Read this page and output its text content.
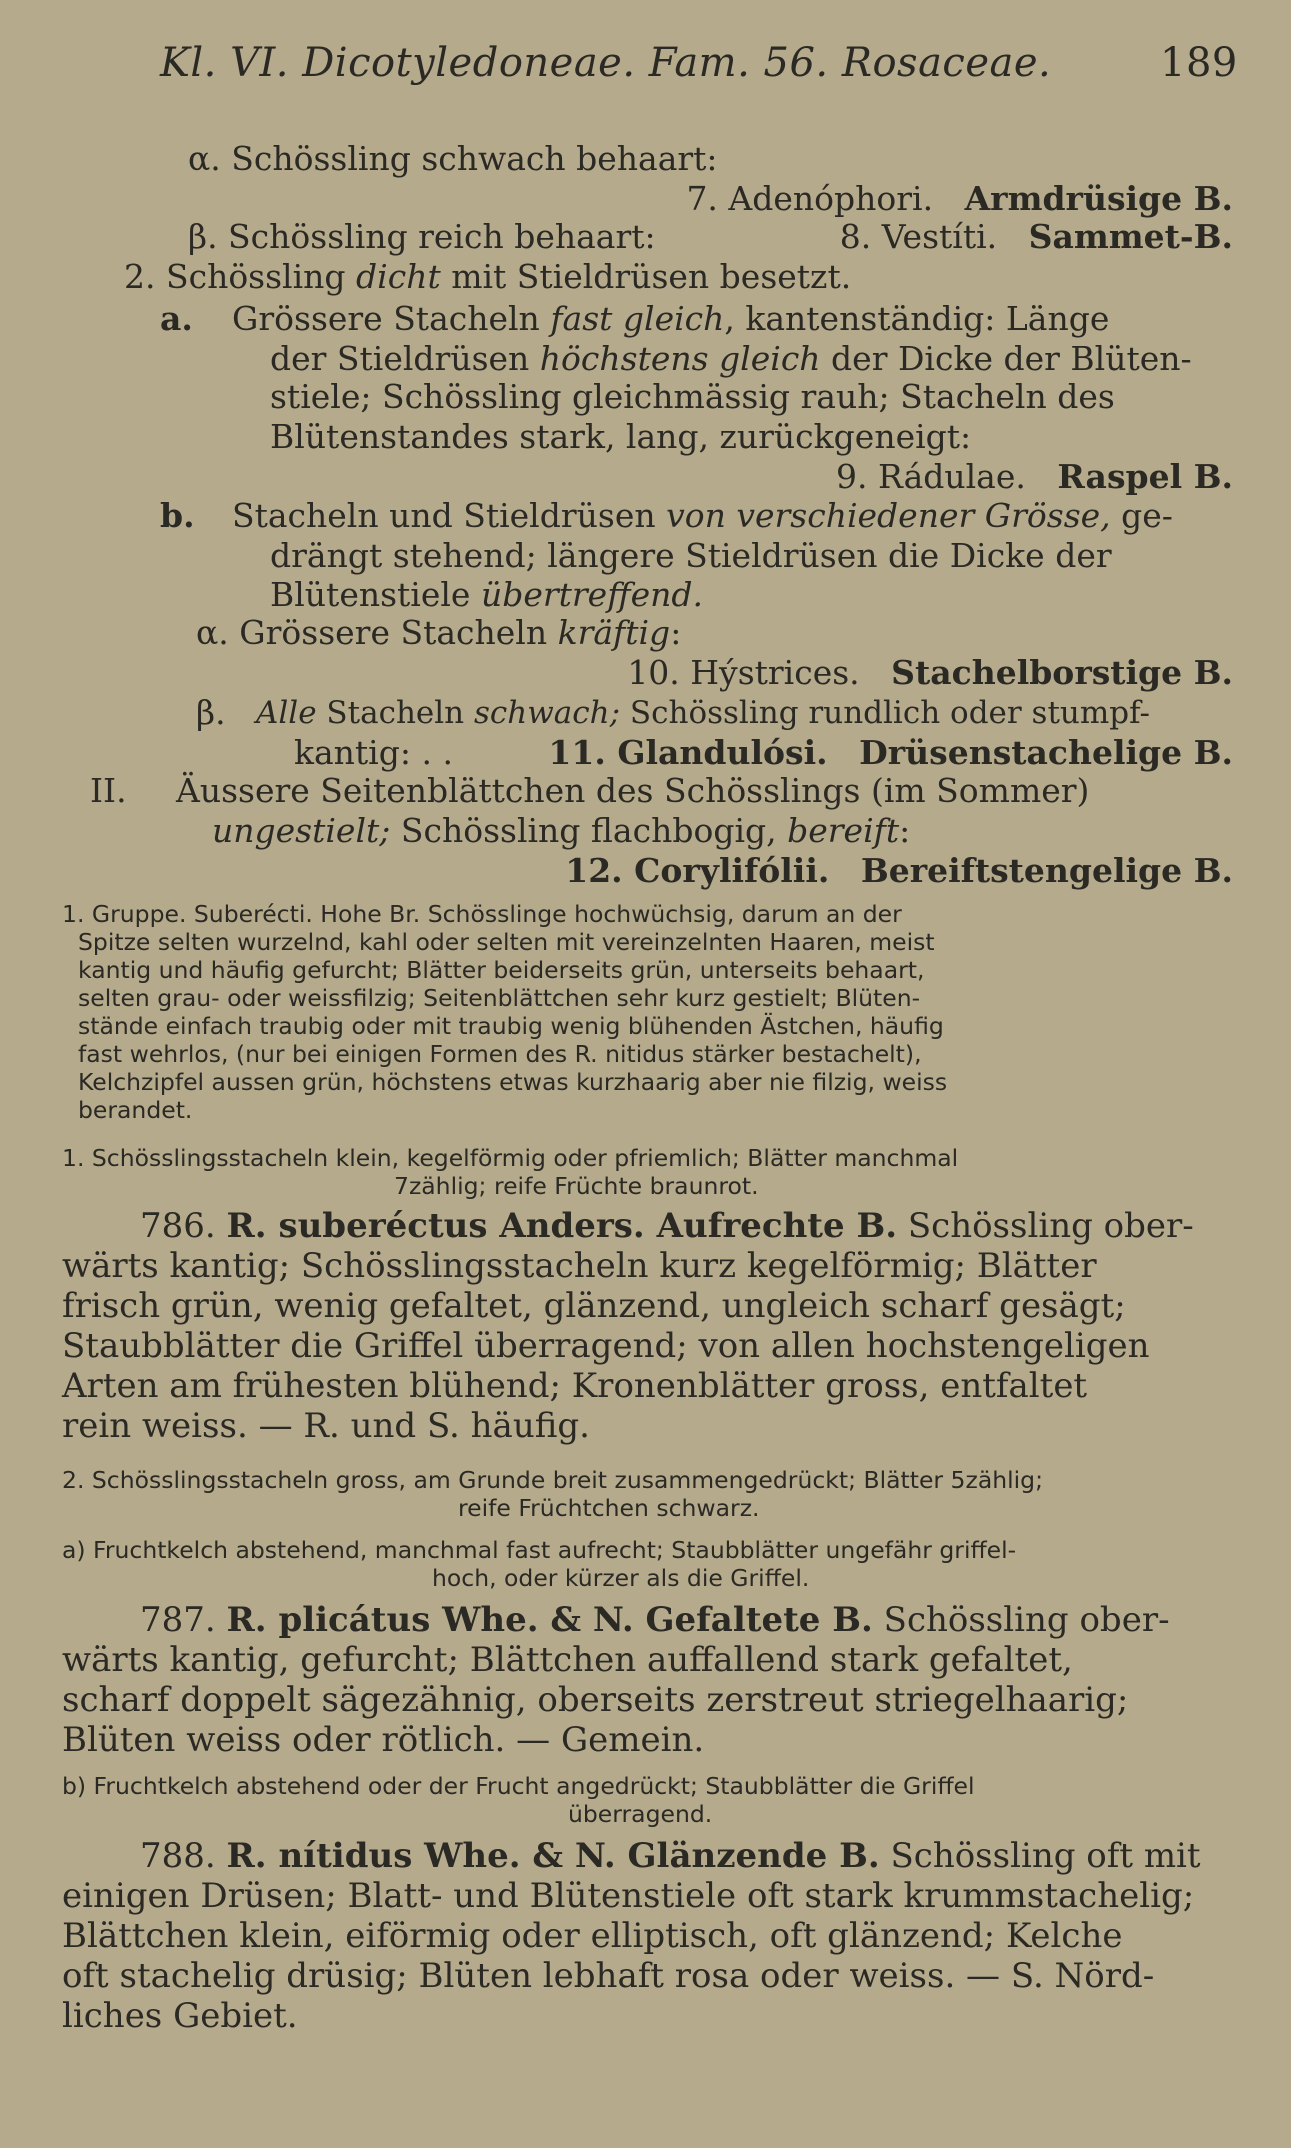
Kl. VI. Dicotyledoneae. Fam. 56. Rosaceae.	189
α. Schössling schwach behaart:
7. Adenóphori. Armdrüsige B.
β. Schössling reich behaart:	8. Vestíti. Sammet-B.
2. Schössling dicht mit Stieldrüsen besetzt.
a. Grössere Stacheln fast gleich, kantenständig: Länge
der Stieldrüsen höchstens gleich der Dicke der Blüten-
stiele; Schössling gleichmässig rauh; Stacheln des
Blütenstandes stark, lang, zurückgeneigt:
9. Rádulae. Raspel B.
b. Stacheln und Stieldrüsen von verschiedener Grösse, ge-
drängt stehend; längere Stieldrüsen die Dicke der
Blütenstiele übertreffend.
α. Grössere Stacheln kräftig:
10. Hýstrices. Stachelborstige B.
β. Alle Stacheln schwach; Schössling rundlich oder stumpf-
kantig: . .	11. Glandulósi. Drüsenstachelige B.
II. Äussere Seitenblättchen des Schösslings (im Sommer)
ungestielt; Schössling flachbogig, bereift:
12. Corylifólii. Bereiftstengelige B.
1. Gruppe. Suberécti. Hohe Br. Schösslinge hochwüchsig, darum an der
Spitze selten wurzelnd, kahl oder selten mit vereinzelnten Haaren, meist
kantig und häufig gefurcht; Blätter beiderseits grün, unterseits behaart,
selten grau- oder weissfilzig; Seitenblättchen sehr kurz gestielt; Blüten-
stände einfach traubig oder mit traubig wenig blühenden Ästchen, häufig
fast wehrlos, (nur bei einigen Formen des R. nitidus stärker bestachelt),
Kelchzipfel aussen grün, höchstens etwas kurzhaarig aber nie filzig, weiss
berandet.
1. Schösslingsstacheln klein, kegelförmig oder pfriemlich; Blätter manchmal
7zählig; reife Früchte braunrot.
786. R. suberéctus Anders. Aufrechte B. Schössling ober-
wärts kantig; Schösslingsstacheln kurz kegelförmig; Blätter
frisch grün, wenig gefaltet, glänzend, ungleich scharf gesägt;
Staubblätter die Griffel überragend; von allen hochstengeligen
Arten am frühesten blühend; Kronenblätter gross, entfaltet
rein weiss. — R. und S. häufig.
2. Schösslingsstacheln gross, am Grunde breit zusammengedrückt; Blätter 5zählig;
reife Früchtchen schwarz.
a) Fruchtkelch abstehend, manchmal fast aufrecht; Staubblätter ungefähr griffel-
hoch, oder kürzer als die Griffel.
787. R. plicátus Whe. & N. Gefaltete B. Schössling ober-
wärts kantig, gefurcht; Blättchen auffallend stark gefaltet,
scharf doppelt sägezähnig, oberseits zerstreut striegelhaarig;
Blüten weiss oder rötlich. — Gemein.
b) Fruchtkelch abstehend oder der Frucht angedrückt; Staubblätter die Griffel
überragend.
788. R. nítidus Whe. & N. Glänzende B. Schössling oft mit
einigen Drüsen; Blatt- und Blütenstiele oft stark krummstachelig;
Blättchen klein, eiförmig oder elliptisch, oft glänzend; Kelche
oft stachelig drüsig; Blüten lebhaft rosa oder weiss. — S. Nörd-
liches Gebiet.
